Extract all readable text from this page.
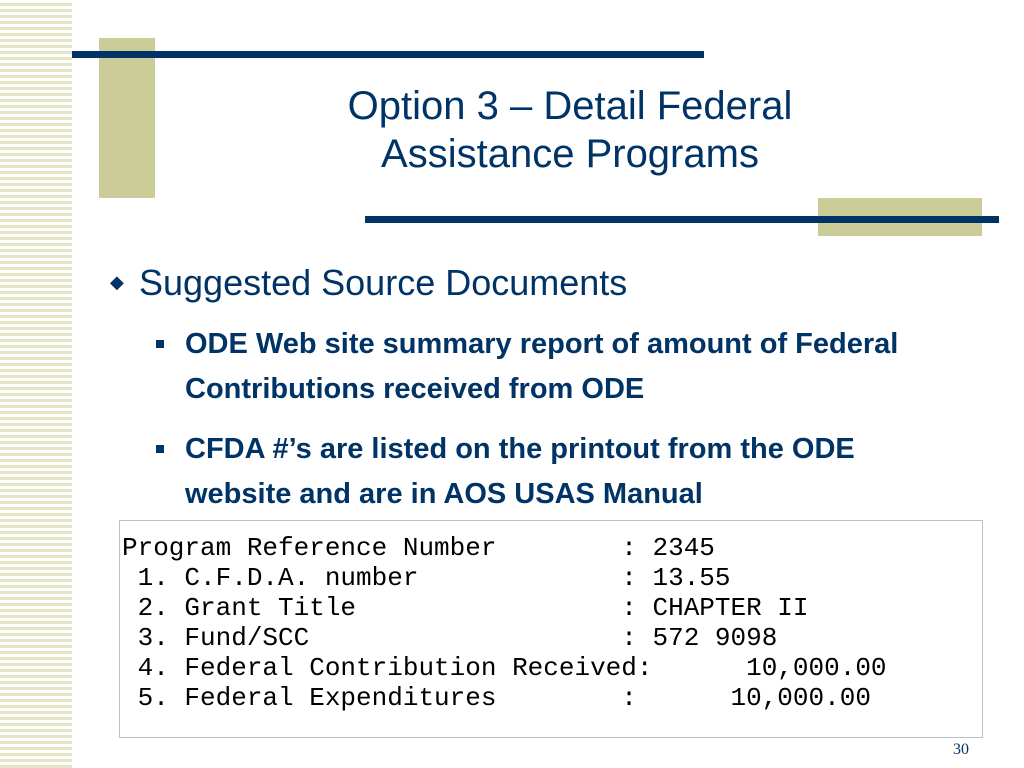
Option 3 – Detail Federal
Assistance Programs
◆ Suggested Source Documents
ODE Web site summary report of amount of Federal Contributions received from ODE
CFDA #’s are listed on the printout from the ODE website and are in AOS USAS Manual
Program Reference Number        : 2345
1. C.F.D.A. number             : 13.55
2. Grant Title                 : CHAPTER II
3. Fund/SCC                    : 572 9098
4. Federal Contribution Received:      10,000.00
5. Federal Expenditures        :      10,000.00
30
